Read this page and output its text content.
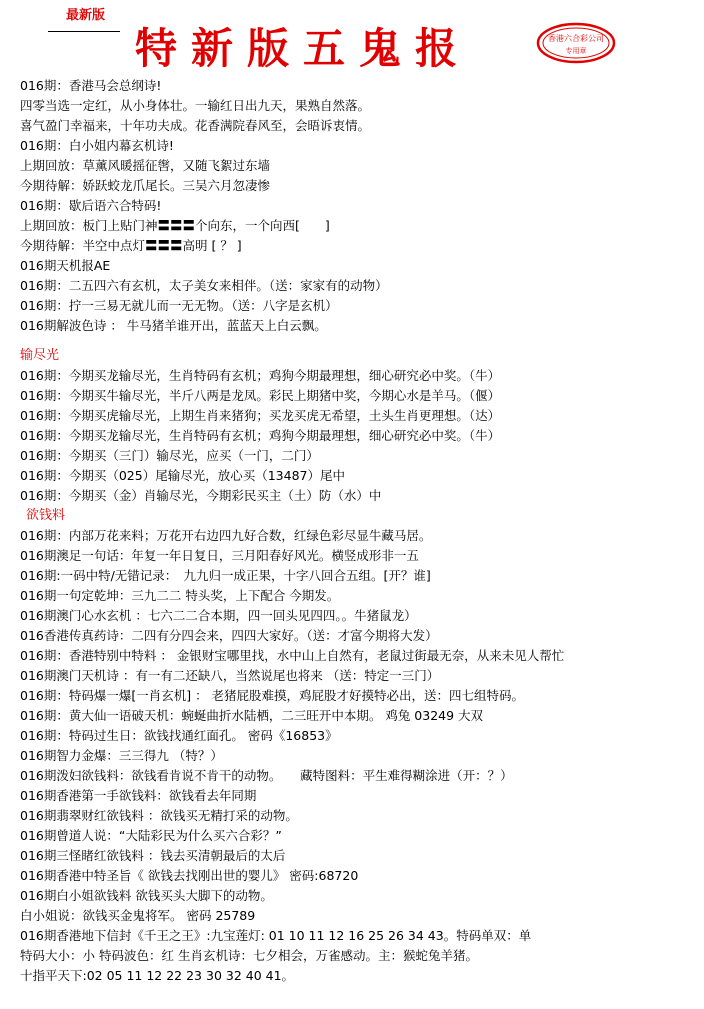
最新版
特新版五鬼报	香港六合彩公司
专用章
016期：香港马会总纲诗!
四零当选一定红，从小身体壮。一输红日出九天，果熟自然落。
喜气盈门幸福来，十年功夫成。花香满院春风至，会晤诉衷情。
016期：白小姐内幕玄机诗!
上期回放：草薰风暖摇征辔，又随飞絮过东墙
今期待解：娇跃蛟龙爪尾长。三吴六月忽凄惨
016期：歇后语六合特码!
上期回放：板门上贴门神〓〓〓个向东，一个向西[　　]
今期待解：半空中点灯〓〓〓高明 [ ？ ]
016期天机报AE
016期：二五四六有玄机，太子美女来相伴。（送：家家有的动物）
016期：拧一三易无就儿而一无无物。（送：八字是玄机）
016期解波色诗 ： 牛马猪羊谁开出，蓝蓝天上白云飘。
输尽光
016期：今期买龙输尽光，生肖特码有玄机；鸡狗今期最理想，细心研究必中奖。（牛）
016期：今期买牛输尽光，半斤八两是龙凤。彩民上期猪中奖，今期心水是羊马。（偃）
016期：今期买虎输尽光，上期生肖来猪狗；买龙买虎无希望，土头生肖更理想。（达）
016期：今期买龙输尽光，生肖特码有玄机；鸡狗今期最理想，细心研究必中奖。（牛）
016期：今期买（三门）输尽光，应买（一门，二门）
016期：今期买（025）尾输尽光，放心买（13487）尾中
016期：今期买（金）肖输尽光，今期彩民买主（土）防（水）中
欲钱料
016期：内部万花来料；万花开右边四九好合数，红绿色彩尽显牛藏马居。
016期澳足一句话：年复一年日复日，三月阳春好风光。横竖成形非一五
016期:一码中特/无错记录：　九九归一成正果，十字八回合五组。[开？谁]
016期一句定乾坤：三九二二 特头奖，上下配合 今期发。
016期澳门心水玄机 ：七六二二合本期，四一回头见四四。。牛猪鼠龙）
016香港传真药诗：二四有分四会来，四四大家好。（送：才富今期将大发）
016期：香港特别中特料 ： 金银财宝哪里找，水中山上自然有，老鼠过街最无奈，从来未见人帮忙
016期澳门天机诗 ：有一有二还缺八，当然说尾也将来 （送：特定一三门）
016期：特码爆一爆[一肖玄机] ： 老猪屁股难摸，鸡屁股才好摸特必出，送：四七组特码。
016期：黄大仙一语破天机：蜿蜒曲折水陆栖，二三旺开中本期。 鸡兔 03249 大双
016期：特码过生日：欲钱找通红面孔。 密码《16853》
016期智力金爆：三三得九 （特？）
016期泼妇欲钱料：欲钱看肯说不肯干的动物。　　藏特图料：平生难得糊涂进（开：？）
016期香港第一手欲钱料：欲钱看去年同期
016期翡翠财红欲钱料 ：欲钱买无精打采的动物。
016期曾道人说：“大陆彩民为什么买六合彩？”
016期三怪睹红欲钱料 ：钱去买清朝最后的太后
016期香港中特圣旨《 欲钱去找刚出世的婴儿》 密码:68720
016期白小姐欲钱料 欲钱买头大脚下的动物。
白小姐说：欲钱买金鬼将军。 密码 25789
016期香港地下信封《千王之王》:九宝莲灯: 01 10 11 12 16 25 26 34 43。特码单双：单
特码大小：小 特码波色：红 生肖玄机诗：七夕相会，万雀感动。主：猴蛇兔羊猪。
十指平天下:02 05 11 12 22 23 30 32 40 41。
